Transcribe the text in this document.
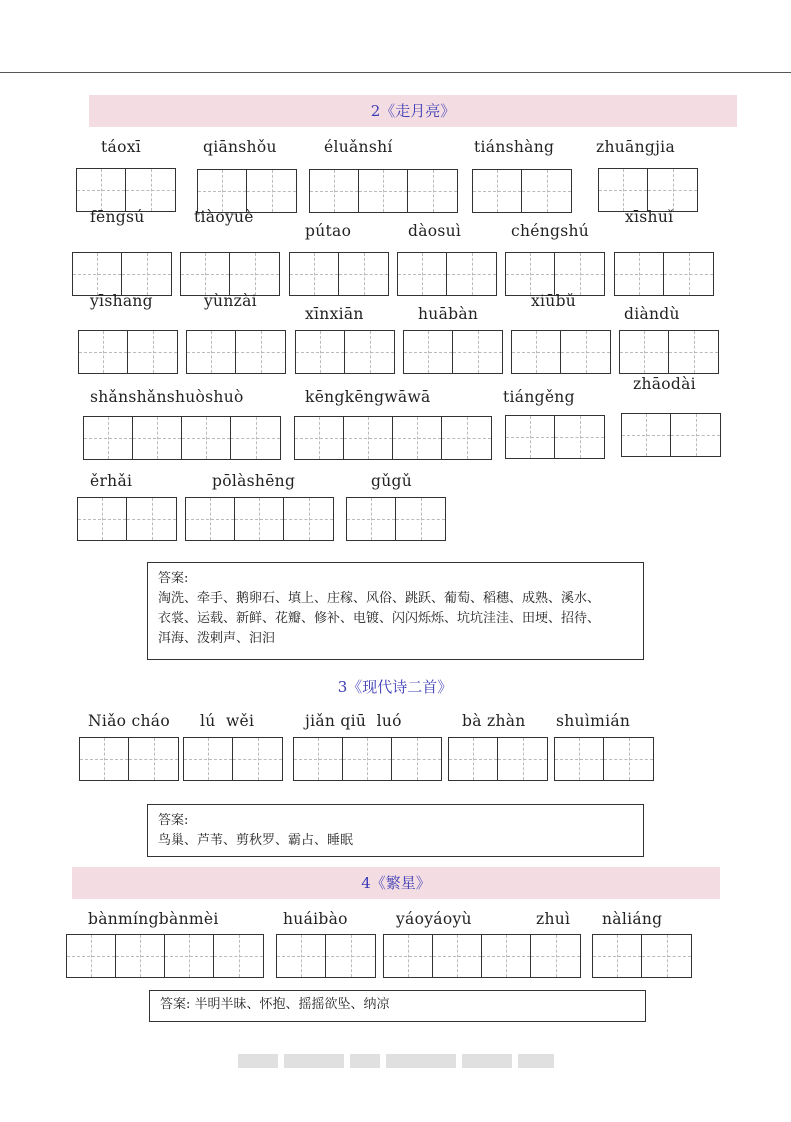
2《走月亮》
táoxī	qiānshǒu	éluǎnshí	tiánshàng	zhuāngjia
fēngsú	tiàoyuè
pútao	dàosuì	chéngshú
xīshuǐ
yīshang	yùnzài
xīnxiān	huābàn
xiūbǔ
diàndù
shǎnshǎnshuòshuò	kēngkēngwāwā	tiángěng
zhāodài
ěrhǎi	pōlàshēng	gǔgǔ
答案:
淘洗、牵手、鹅卵石、填上、庄稼、风俗、跳跃、葡萄、稻穗、成熟、溪水、
衣裳、运载、新鲜、花瓣、修补、电镀、闪闪烁烁、坑坑洼洼、田埂、招待、
洱海、泼剌声、汩汩
3《现代诗二首》
Niǎo cháo lú  wěi	jiǎn qiū  luó	bà zhàn shuìmián
答案:
鸟巢、芦苇、剪秋罗、霸占、睡眠
4《繁星》
bànmíngbànmèi	huáibào	yáoyáoyù	zhuì nàliáng
答案: 半明半昧、怀抱、摇摇欲坠、纳凉
